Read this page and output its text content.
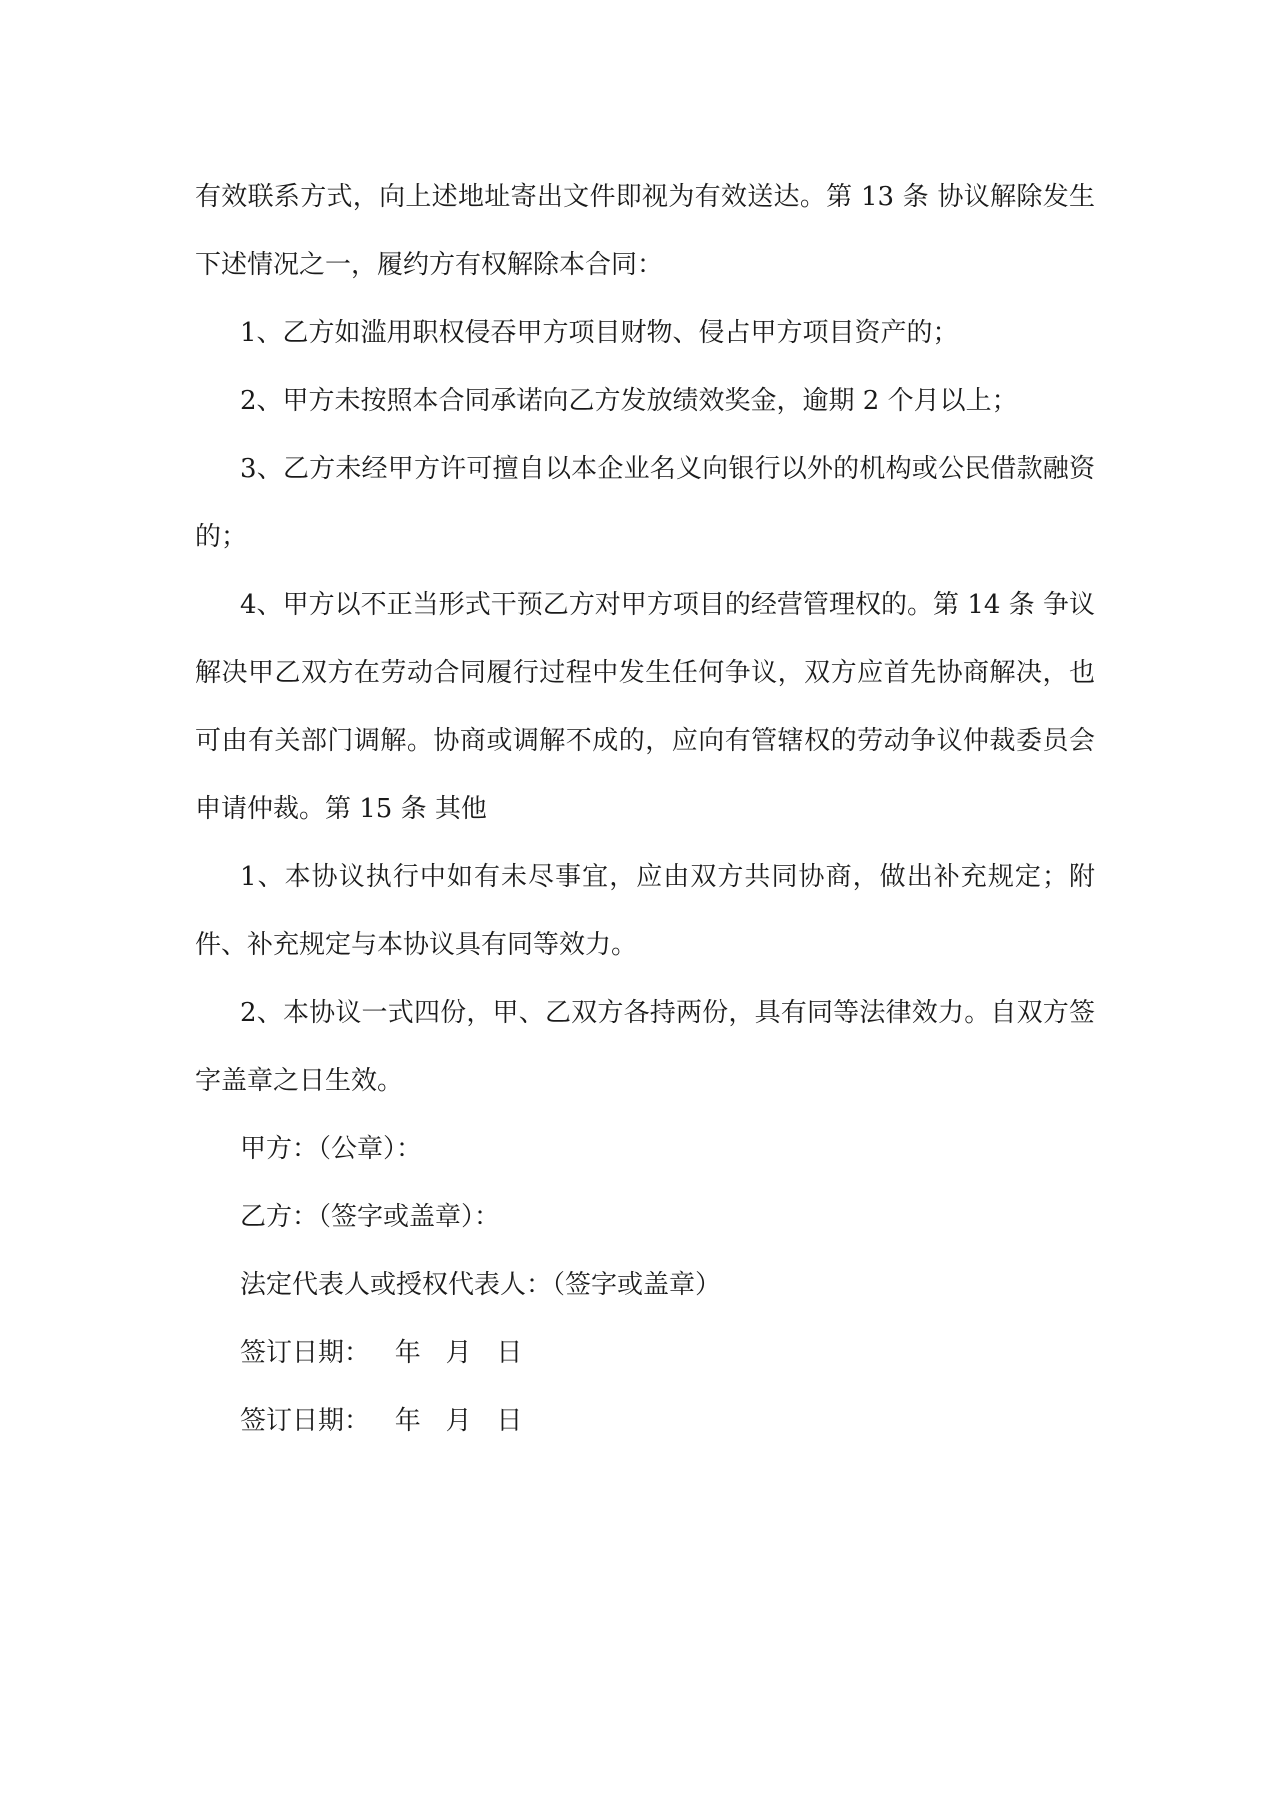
有效联系方式，向上述地址寄出文件即视为有效送达。第 13 条 协议解除发生下述情况之一，履约方有权解除本合同：

1、乙方如滥用职权侵吞甲方项目财物、侵占甲方项目资产的；

2、甲方未按照本合同承诺向乙方发放绩效奖金，逾期 2 个月以上；

3、乙方未经甲方许可擅自以本企业名义向银行以外的机构或公民借款融资的；

4、甲方以不正当形式干预乙方对甲方项目的经营管理权的。第 14 条 争议解决甲乙双方在劳动合同履行过程中发生任何争议，双方应首先协商解决，也可由有关部门调解。协商或调解不成的，应向有管辖权的劳动争议仲裁委员会申请仲裁。第 15 条 其他

1、本协议执行中如有未尽事宜，应由双方共同协商，做出补充规定；附件、补充规定与本协议具有同等效力。

2、本协议一式四份，甲、乙双方各持两份，具有同等法律效力。自双方签字盖章之日生效。

甲方：（公章）：

乙方：（签字或盖章）：

法定代表人或授权代表人：（签字或盖章）

签订日期：   年   月   日

签订日期：   年   月   日
